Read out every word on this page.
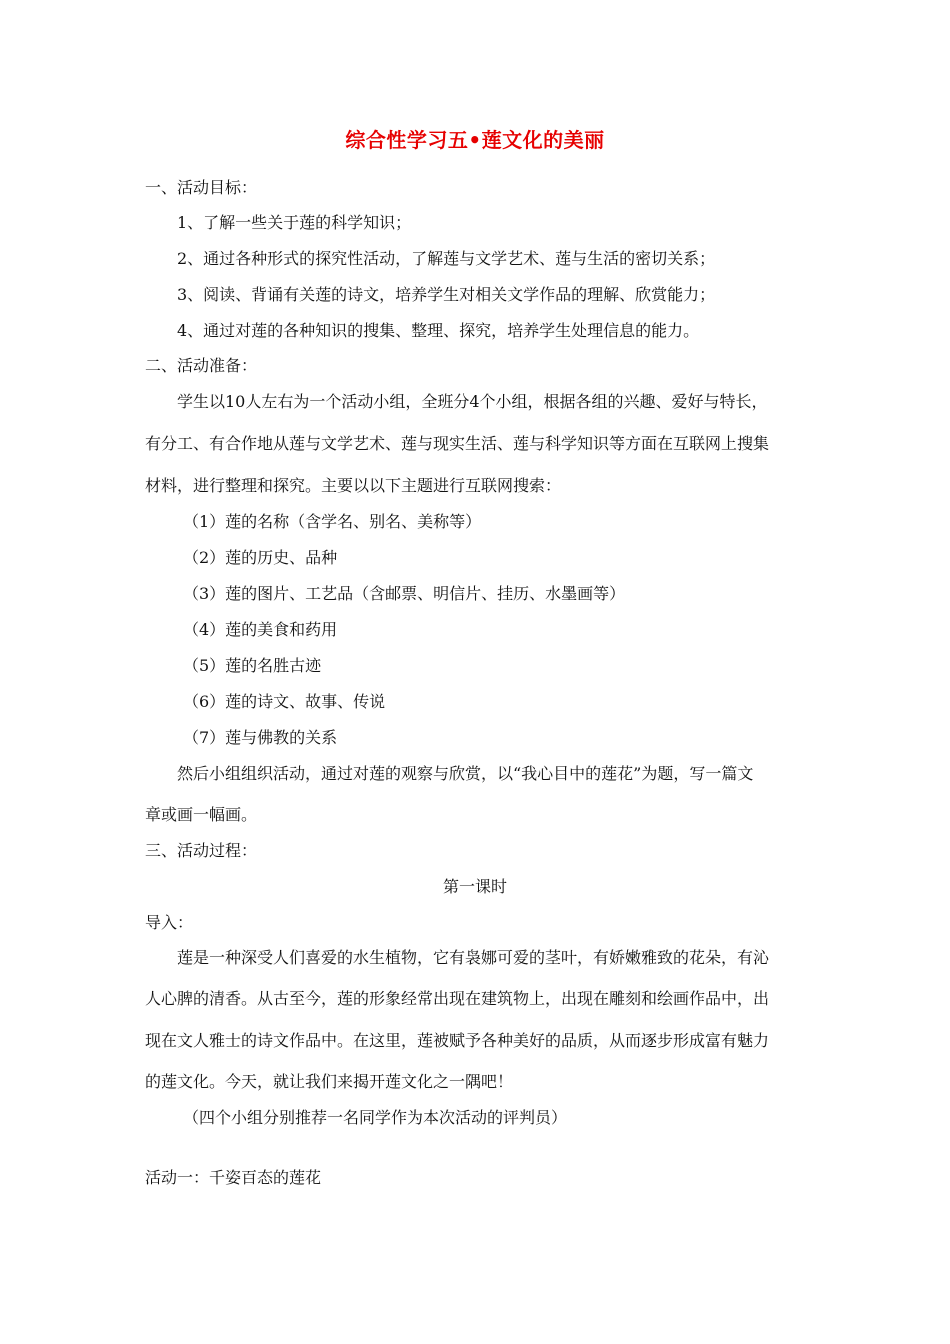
综合性学习五•莲文化的美丽
一、活动目标：
1、了解一些关于莲的科学知识；
2、通过各种形式的探究性活动，了解莲与文学艺术、莲与生活的密切关系；
3、阅读、背诵有关莲的诗文，培养学生对相关文学作品的理解、欣赏能力；
4、通过对莲的各种知识的搜集、整理、探究，培养学生处理信息的能力。
二、活动准备：
学生以10人左右为一个活动小组，全班分4个小组，根据各组的兴趣、爱好与特长，
有分工、有合作地从莲与文学艺术、莲与现实生活、莲与科学知识等方面在互联网上搜集
材料，进行整理和探究。主要以以下主题进行互联网搜索：
（1）莲的名称（含学名、别名、美称等）
（2）莲的历史、品种
（3）莲的图片、工艺品（含邮票、明信片、挂历、水墨画等）
（4）莲的美食和药用
（5）莲的名胜古迹
（6）莲的诗文、故事、传说
（7）莲与佛教的关系
然后小组组织活动，通过对莲的观察与欣赏，以“我心目中的莲花”为题，写一篇文
章或画一幅画。
三、活动过程：
第一课时
导入：
莲是一种深受人们喜爱的水生植物，它有袅娜可爱的茎叶，有娇嫩雅致的花朵，有沁
人心脾的清香。从古至今，莲的形象经常出现在建筑物上，出现在雕刻和绘画作品中，出
现在文人雅士的诗文作品中。在这里，莲被赋予各种美好的品质，从而逐步形成富有魅力
的莲文化。今天，就让我们来揭开莲文化之一隅吧！
（四个小组分别推荐一名同学作为本次活动的评判员）
活动一：千姿百态的莲花
